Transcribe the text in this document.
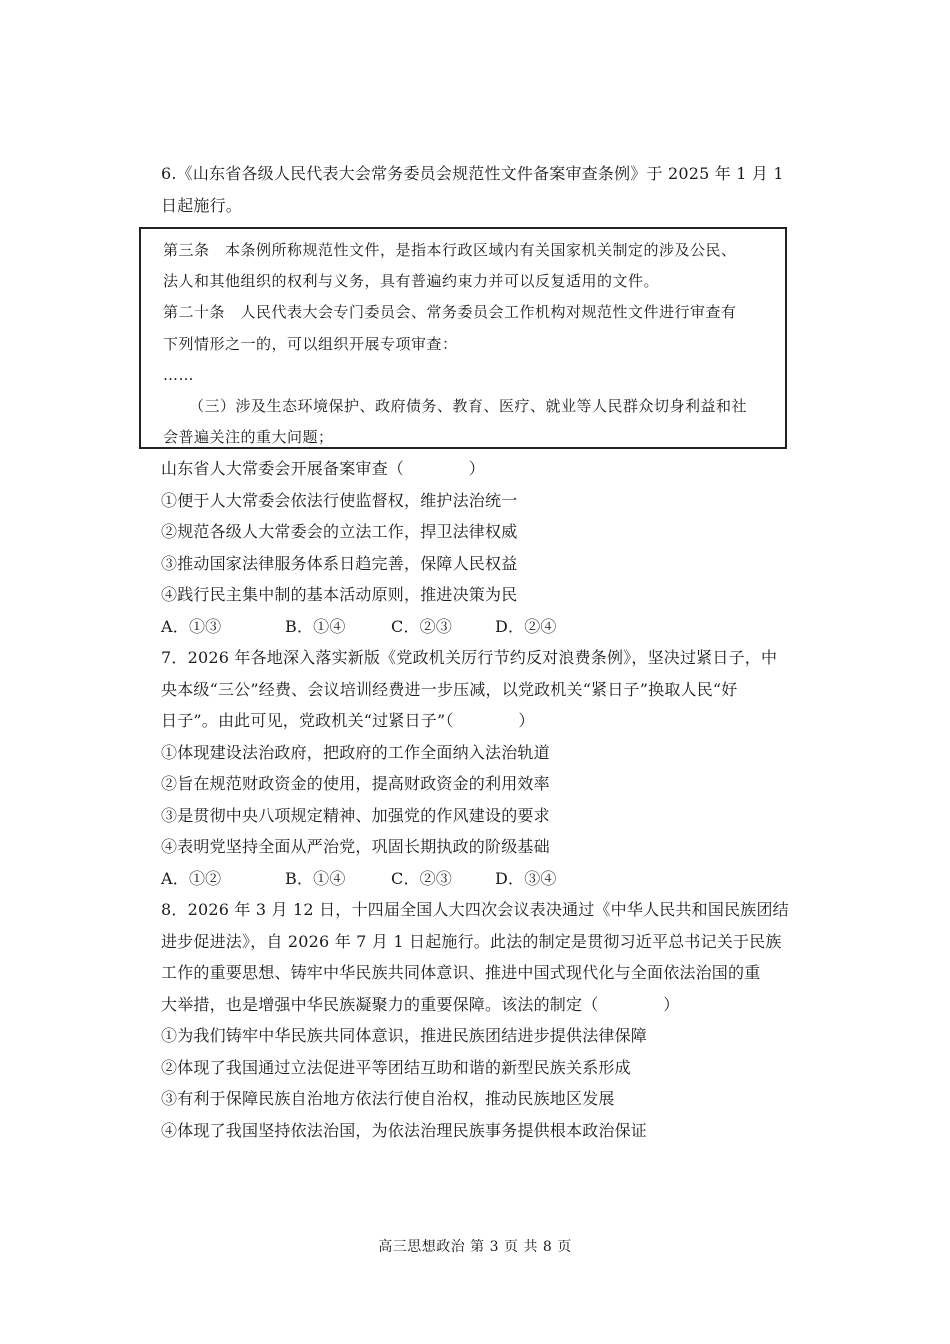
6.《山东省各级人民代表大会常务委员会规范性文件备案审查条例》于 2025 年 1 月 1
日起施行。
第三条　本条例所称规范性文件，是指本行政区域内有关国家机关制定的涉及公民、
法人和其他组织的权利与义务，具有普遍约束力并可以反复适用的文件。
第二十条　人民代表大会专门委员会、常务委员会工作机构对规范性文件进行审查有
下列情形之一的，可以组织开展专项审查：
……
（三）涉及生态环境保护、政府债务、教育、医疗、就业等人民群众切身利益和社
会普遍关注的重大问题；
山东省人大常委会开展备案审查（　　　　）
①便于人大常委会依法行使监督权，维护法治统一
②规范各级人大常委会的立法工作，捍卫法律权威
③推动国家法律服务体系日趋完善，保障人民权益
④践行民主集中制的基本活动原则，推进决策为民
A．①③	B．①④	C．②③	D．②④
7．2026 年各地深入落实新版《党政机关厉行节约反对浪费条例》，坚决过紧日子，中
央本级“三公”经费、会议培训经费进一步压减，以党政机关“紧日子”换取人民“好
日子”。由此可见，党政机关“过紧日子”（　　　　）
①体现建设法治政府，把政府的工作全面纳入法治轨道
②旨在规范财政资金的使用，提高财政资金的利用效率
③是贯彻中央八项规定精神、加强党的作风建设的要求
④表明党坚持全面从严治党，巩固长期执政的阶级基础
A．①②	B．①④	C．②③	D．③④
8．2026 年 3 月 12 日，十四届全国人大四次会议表决通过《中华人民共和国民族团结
进步促进法》，自 2026 年 7 月 1 日起施行。此法的制定是贯彻习近平总书记关于民族
工作的重要思想、铸牢中华民族共同体意识、推进中国式现代化与全面依法治国的重
大举措，也是增强中华民族凝聚力的重要保障。该法的制定（　　　　）
①为我们铸牢中华民族共同体意识，推进民族团结进步提供法律保障
②体现了我国通过立法促进平等团结互助和谐的新型民族关系形成
③有利于保障民族自治地方依法行使自治权，推动民族地区发展
④体现了我国坚持依法治国，为依法治理民族事务提供根本政治保证
高三思想政治 第 3 页 共 8 页
